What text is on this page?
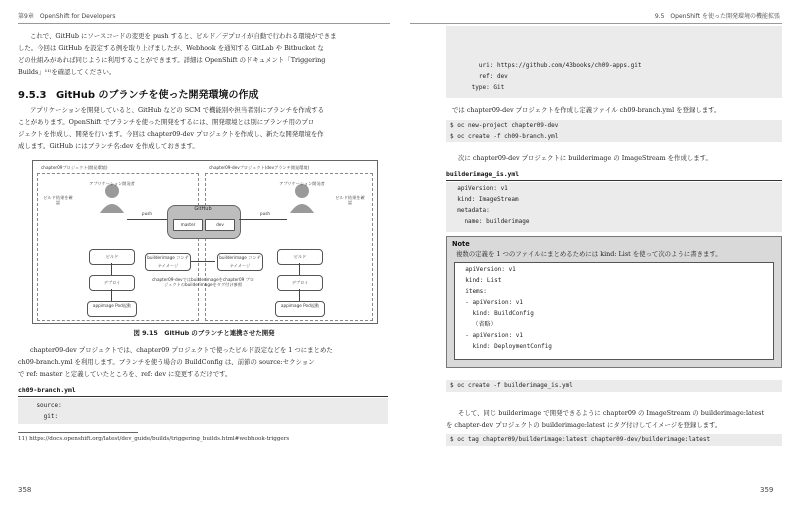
第9章　OpenShift for Developers
これで、GitHub にソースコードの変更を push すると、ビルド／デプロイが自動で行われる環境ができま
した。今回は GitHub を設定する例を取り上げましたが、Webhook を通知する GitLab や Bitbucket な
どの仕組みがあれば同じように利用することができます。詳細は OpenShift のドキュメント「Triggering
Builds」¹¹⁾を確認してください。
9.5.3 GitHub のブランチを使った開発環境の作成
アプリケーションを開発していると、GitHub などの SCM で機能別や担当者別にブランチを作成する
ことがあります。OpenShift でブランチを使った開発をするには、開発環境とは別にブランチ用のプロ
ジェクトを作成し、開発を行います。今回は chapter09-dev プロジェクトを作成し、新たな開発環境を作
成します。GitHub にはブランチ名:dev を作成しておきます。
chapter09プロジェクト(開発環境)	chapter09-devプロジェクト(devブランチ開発環境)
アプリケーション開発者	アプリケーション開発者
ビルド結果を確認
ビルド結果を確認
GitHub
master	dev
push	push
ビルド
デプロイ
appimage Pod起動
ビルド
デプロイ
appimage Pod起動
builderimage コンテナイメージ
builderimage コンテナイメージ
chapter09-devではbuilderimageをchapter09 プロジェクトのbuilderimageをタグ付け参照
図 9.15　GitHub のブランチと連携させた開発
chapter09-dev プロジェクトでは、chapter09 プロジェクトで使ったビルド設定などを 1 つにまとめた
ch09-branch.yml を利用します。ブランチを使う場合の BuildConfig は、前節の source:セクション
で ref: master と定義していたところを、ref: dev に変更するだけです。
ch09-branch.yml
source:
git:
11) https://docs.openshift.org/latest/dev_guide/builds/triggering_builds.html#webhook-triggers
358
9.5　OpenShift を使った開発環境の機能拡張
uri: https://github.com/43books/ch09-apps.git
ref: dev
type: Git
では chapter09-dev プロジェクトを作成し定義ファイル ch09-branch.yml を登録します。
$ oc new-project chapter09-dev
$ oc create -f ch09-branch.yml
次に chapter09-dev プロジェクトに builderimage の ImageStream を作成します。
builderimage_is.yml
apiVersion: v1
kind: ImageStream
metadata:
name: builderimage
Note
複数の定義を 1 つのファイルにまとめるためには kind: List を使って次のように書きます。
apiVersion: v1
kind: List
items:
- apiVersion: v1
kind: BuildConfig
（省略）
- apiVersion: v1
kind: DeploymentConfig
$ oc create -f builderimage_is.yml
そして、同じ builderimage で開発できるように chapter09 の ImageStream の builderimage:latest
を chapter-dev プロジェクトの builderimage:latest にタグ付けしてイメージを登録します。
$ oc tag chapter09/builderimage:latest chapter09-dev/builderimage:latest
359
